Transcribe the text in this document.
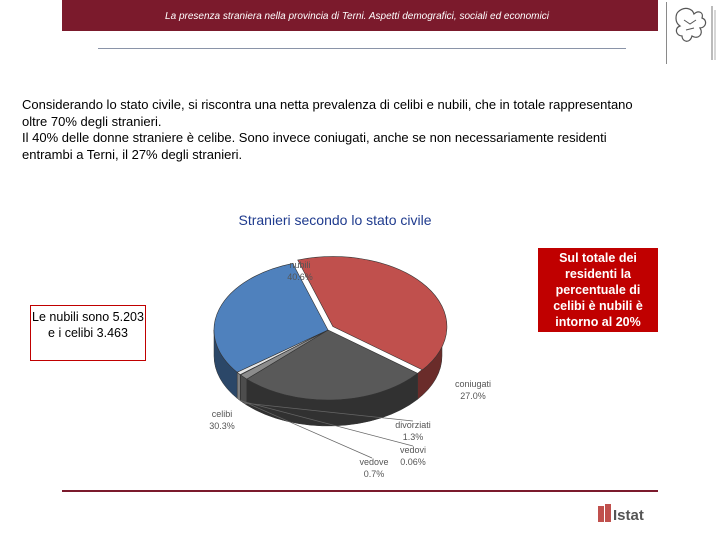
La presenza straniera nella provincia di Terni. Aspetti demografici, sociali ed economici

Considerando lo stato civile, si riscontra una netta prevalenza di celibi e nubili, che in totale rappresentano oltre 70% degli stranieri.

Il 40% delle donne straniere è celibe. Sono invece coniugati, anche se non necessariamente residenti entrambi a Terni, il 27% degli stranieri.

Stranieri secondo lo stato civile
nubili
40.6%
coniugati
27.0%
celibi
30.3%	divorziati
1.3%
vedovi
0.06%
vedove
0.7%
Le nubili sono 5.203 e i celibi 3.463
Sul totale dei residenti la percentuale di celibi è nubili è intorno al 20%
Istat
